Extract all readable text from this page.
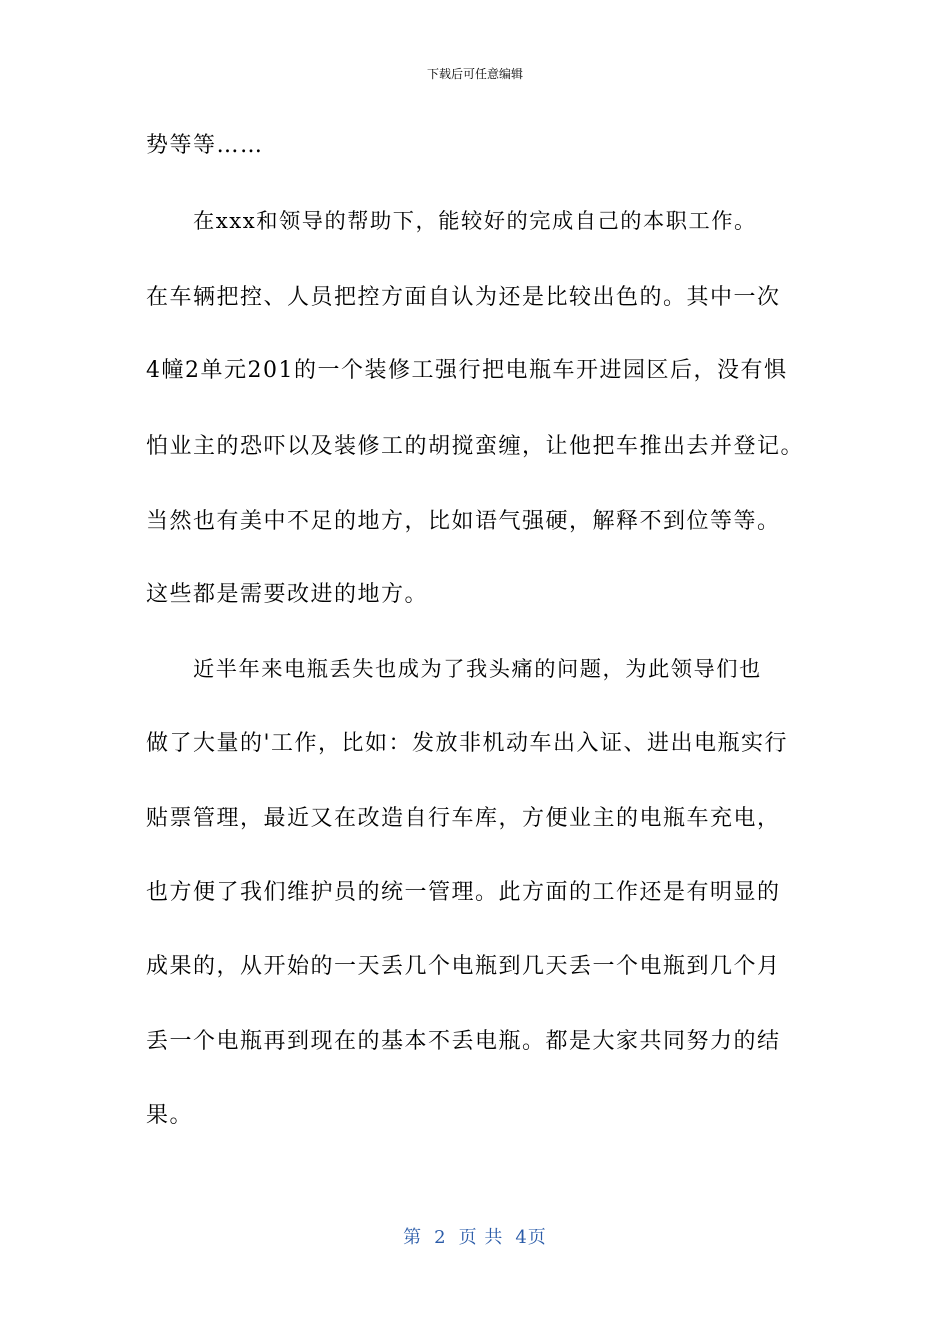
下载后可任意编辑
势等等……
在xxx和领导的帮助下，能较好的完成自己的本职工作。
在车辆把控、人员把控方面自认为还是比较出色的。其中一次
4幢2单元201的一个装修工强行把电瓶车开进园区后，没有惧
怕业主的恐吓以及装修工的胡搅蛮缠，让他把车推出去并登记。
当然也有美中不足的地方，比如语气强硬，解释不到位等等。
这些都是需要改进的地方。
近半年来电瓶丢失也成为了我头痛的问题，为此领导们也
做了大量的'工作，比如：发放非机动车出入证、进出电瓶实行
贴票管理，最近又在改造自行车库，方便业主的电瓶车充电，
也方便了我们维护员的统一管理。此方面的工作还是有明显的
成果的，从开始的一天丢几个电瓶到几天丢一个电瓶到几个月
丢一个电瓶再到现在的基本不丢电瓶。都是大家共同努力的结
果。
第 2 页 共 4页
